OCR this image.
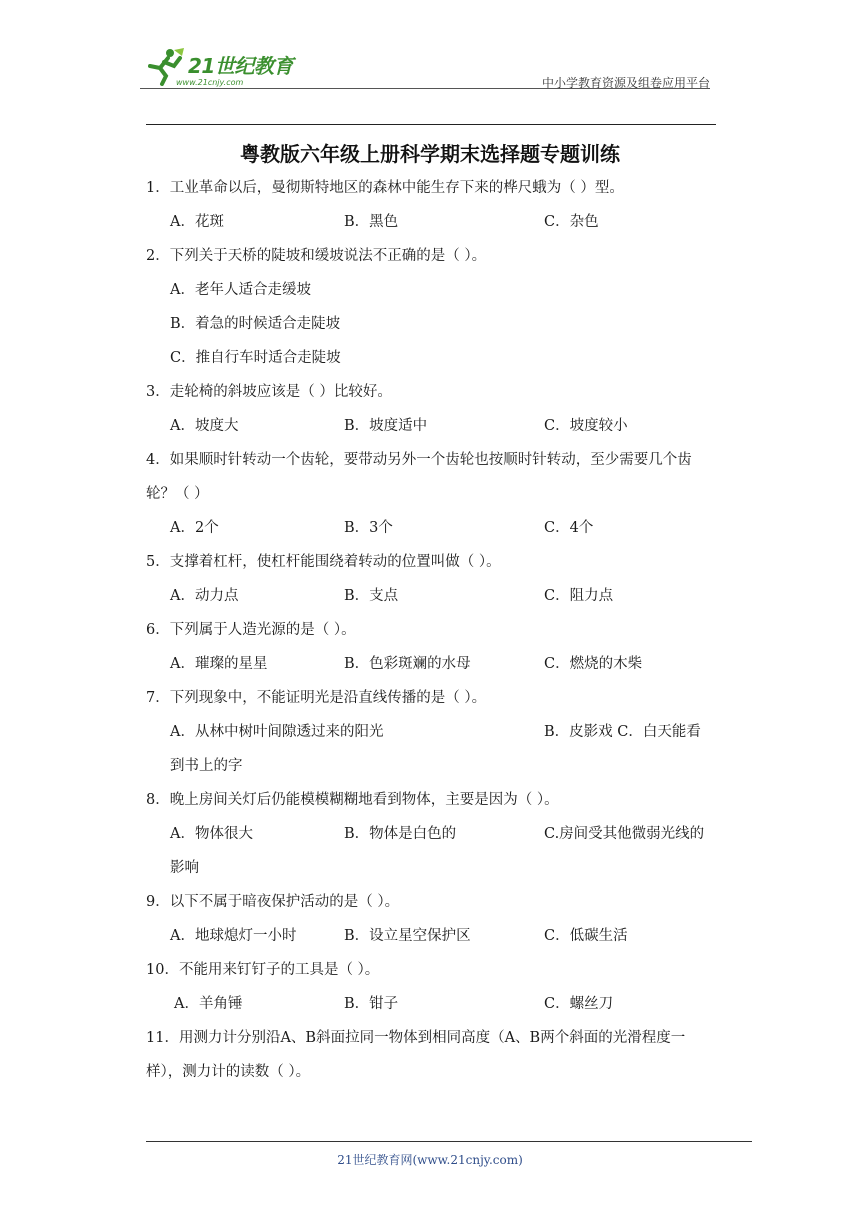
21世纪教育
www.21cnjy.com	中小学教育资源及组卷应用平台
粤教版六年级上册科学期末选择题专题训练
1．工业革命以后，曼彻斯特地区的森林中能生存下来的桦尺蛾为（ ）型。
A．花斑	B．黑色	C．杂色
2．下列关于天桥的陡坡和缓坡说法不正确的是（ ）。
A．老年人适合走缓坡
B．着急的时候适合走陡坡
C．推自行车时适合走陡坡
3．走轮椅的斜坡应该是（ ）比较好。
A．坡度大	B．坡度适中	C．坡度较小
4．如果顺时针转动一个齿轮，要带动另外一个齿轮也按顺时针转动，至少需要几个齿
轮？（ ）
A．2个	B．3个	C．4个
5．支撑着杠杆，使杠杆能围绕着转动的位置叫做（ ）。
A．动力点	B．支点	C．阻力点
6．下列属于人造光源的是（ ）。
A．璀璨的星星	B．色彩斑斓的水母	C．燃烧的木柴
7．下列现象中，不能证明光是沿直线传播的是（ ）。
A．从林中树叶间隙透过来的阳光	B．皮影戏 C．白天能看
到书上的字
8．晚上房间关灯后仍能模模糊糊地看到物体，主要是因为（ ）。
A．物体很大	B．物体是白色的	C.房间受其他微弱光线的
影响
9．以下不属于暗夜保护活动的是（ ）。
A．地球熄灯一小时	B．设立星空保护区	C．低碳生活
10．不能用来钉钉子的工具是（ ）。
A．羊角锤	B．钳子	C．螺丝刀
11．用测力计分别沿A、B斜面拉同一物体到相同高度（A、B两个斜面的光滑程度一
样），测力计的读数（ ）。
21世纪教育网(www.21cnjy.com)
